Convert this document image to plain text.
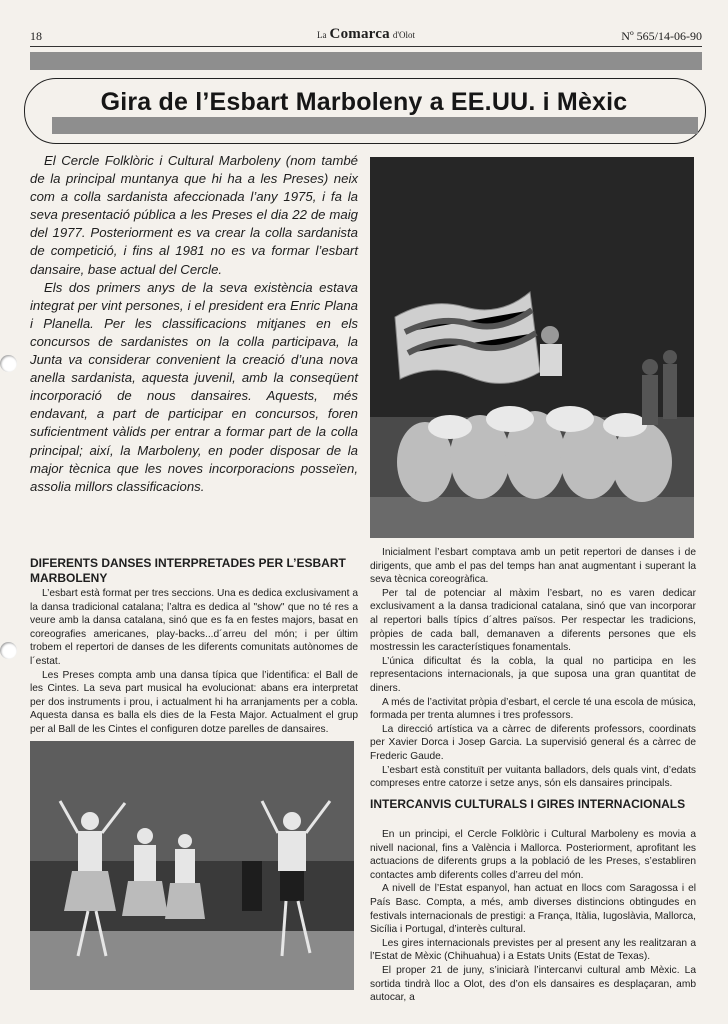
18	La Comarca d'Olot	Nº 565/14-06-90
Gira de l’Esbart Marboleny a EE.UU. i Mèxic

El Cercle Folklòric i Cultural Marboleny (nom també de la principal muntanya que hi ha a les Preses) neix com a colla sardanista afeccionada l’any 1975, i fa la seva presentació pública a les Preses el dia 22 de maig del 1977. Posteriorment es va crear la colla sardanista de competició, i fins al 1981 no es va formar l’esbart dansaire, base actual del Cercle.

Els dos primers anys de la seva existència estava integrat per vint persones, i el president era Enric Plana i Planella. Per les classificacions mitjanes en els concursos de sardanistes on la colla participava, la Junta va considerar convenient la creació d’una nova anella sardanista, aquesta juvenil, amb la conseqüent incorporació de nous dansaires. Aquests, més endavant, a part de participar en concursos, foren suficientment vàlids per entrar a formar part de la colla principal; així, la Marboleny, en poder disposar de la major tècnica que les noves incorporacions posseïen, assolia millors classificacions.

DIFERENTS DANSES INTERPRETADES PER L’ESBART MARBOLENY

L’esbart està format per tres seccions. Una es dedica exclusivament a la dansa tradicional catalana; l’altra es dedica al "show" que no té res a veure amb la dansa catalana, sinó que es fa en festes majors, basat en coreografies americanes, play-backs...d´arreu del món; i per últim trobem el repertori de danses de les diferents comunitats autònomes de l´estat.

Les Preses compta amb una dansa típica que l’identifica: el Ball de les Cintes. La seva part musical ha evolucionat: abans era interpretat per dos instruments i prou, i actualment hi ha arranjaments per a cobla. Aquesta dansa es balla els dies de la Festa Major. Actualment el grup per al Ball de les Cintes el configuren dotze parelles de dansaires.

Inicialment l’esbart comptava amb un petit repertori de danses i de dirigents, que amb el pas del temps han anat augmentant i superant la seva tècnica coreogràfica.

Per tal de potenciar al màxim l’esbart, no es varen dedicar exclusivament a la dansa tradicional catalana, sinó que van incorporar al repertori balls típics d´altres països. Per respectar les tradicions, pròpies de cada ball, demanaven a diferents persones que els mostressin les característiques fonamentals.

L’única dificultat és la cobla, la qual no participa en les representacions internacionals, ja que suposa una gran quantitat de diners.

A més de l’activitat pròpia d’esbart, el cercle té una escola de música, formada per trenta alumnes i tres professors.

La direcció artística va a càrrec de diferents professors, coordinats per Xavier Dorca i Josep Garcia. La supervisió general és a càrrec de Frederic Gaude.

L’esbart està constituït per vuitanta balladors, dels quals vint, d’edats compreses entre catorze i setze anys, són els dansaires principals.

INTERCANVIS CULTURALS I GIRES INTERNACIONALS

En un principi, el Cercle Folklòric i Cultural Marboleny es movia a nivell nacional, fins a València i Mallorca. Posteriorment, aprofitant les actuacions de diferents grups a la població de les Preses, s’establiren contactes amb diferents colles d’arreu del món.

A nivell de l’Estat espanyol, han actuat en llocs com Saragossa i el País Basc. Compta, a més, amb diverses distincions obtingudes en festivals internacionals de prestigi: a França, Itàlia, Iugoslàvia, Mallorca, Sicília i Portugal, d’interès cultural.

Les gires internacionals previstes per al present any les realitzaran a l’Estat de Mèxic (Chihuahua) i a Estats Units (Estat de Texas).

El proper 21 de juny, s’iniciarà l’intercanvi cultural amb Mèxic. La sortida tindrà lloc a Olot, des d’on els dansaires es desplaçaran, amb autocar, a
